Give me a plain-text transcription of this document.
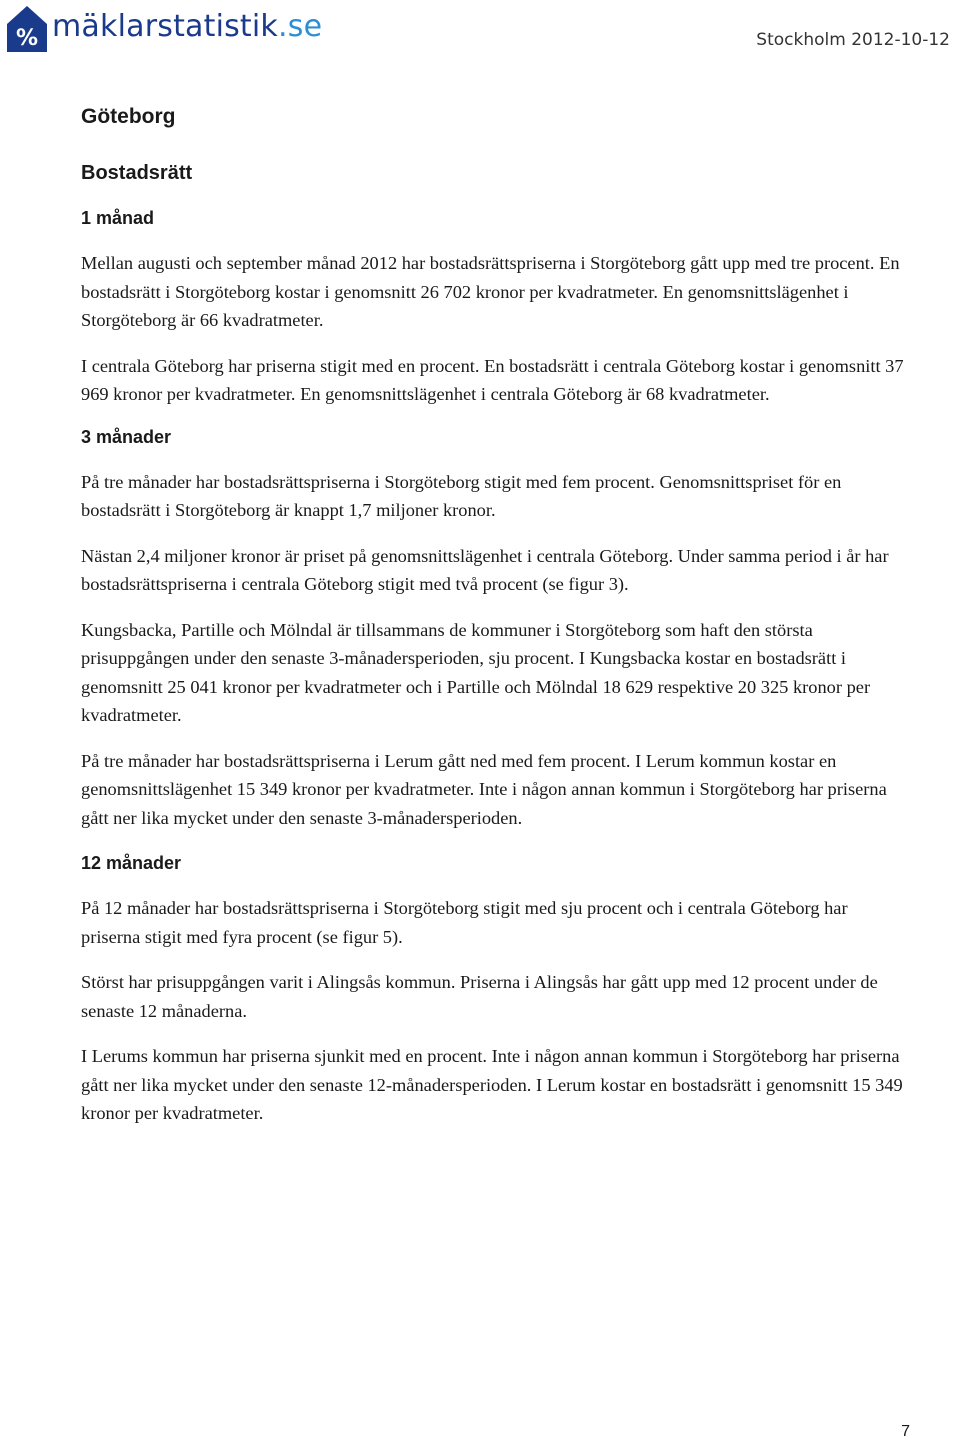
% mäklarstatistik.se	Stockholm 2012-10-12
Göteborg
Bostadsrätt
1 månad

Mellan augusti och september månad 2012 har bostadsrättspriserna i Storgöteborg gått upp med tre procent. En bostadsrätt i Storgöteborg kostar i genomsnitt 26 702 kronor per kvadratmeter. En genomsnittslägenhet i Storgöteborg är 66 kvadratmeter.

I centrala Göteborg har priserna stigit med en procent. En bostadsrätt i centrala Göteborg kostar i genomsnitt 37 969 kronor per kvadratmeter. En genomsnittslägenhet i centrala Göteborg är 68 kvadratmeter.

3 månader

På tre månader har bostadsrättspriserna i Storgöteborg stigit med fem procent. Genomsnittspriset för en bostadsrätt i Storgöteborg är knappt 1,7 miljoner kronor.

Nästan 2,4 miljoner kronor är priset på genomsnittslägenhet i centrala Göteborg. Under samma period i år har bostadsrättspriserna i centrala Göteborg stigit med två procent (se figur 3).

Kungsbacka, Partille och Mölndal är tillsammans de kommuner i Storgöteborg som haft den största prisuppgången under den senaste 3-månadersperioden, sju procent. I Kungsbacka kostar en bostadsrätt i genomsnitt 25 041 kronor per kvadratmeter och i Partille och Mölndal 18 629 respektive 20 325 kronor per kvadratmeter.

På tre månader har bostadsrättspriserna i Lerum gått ned med fem procent. I Lerum kommun kostar en genomsnittslägenhet 15 349 kronor per kvadratmeter. Inte i någon annan kommun i Storgöteborg har priserna gått ner lika mycket under den senaste 3-månadersperioden.

12 månader

På 12 månader har bostadsrättspriserna i Storgöteborg stigit med sju procent och i centrala Göteborg har priserna stigit med fyra procent (se figur 5).

Störst har prisuppgången varit i Alingsås kommun. Priserna i Alingsås har gått upp med 12 procent under de senaste 12 månaderna.

I Lerums kommun har priserna sjunkit med en procent. Inte i någon annan kommun i Storgöteborg har priserna gått ner lika mycket under den senaste 12-månadersperioden. I Lerum kostar en bostadsrätt i genomsnitt 15 349 kronor per kvadratmeter.

7
